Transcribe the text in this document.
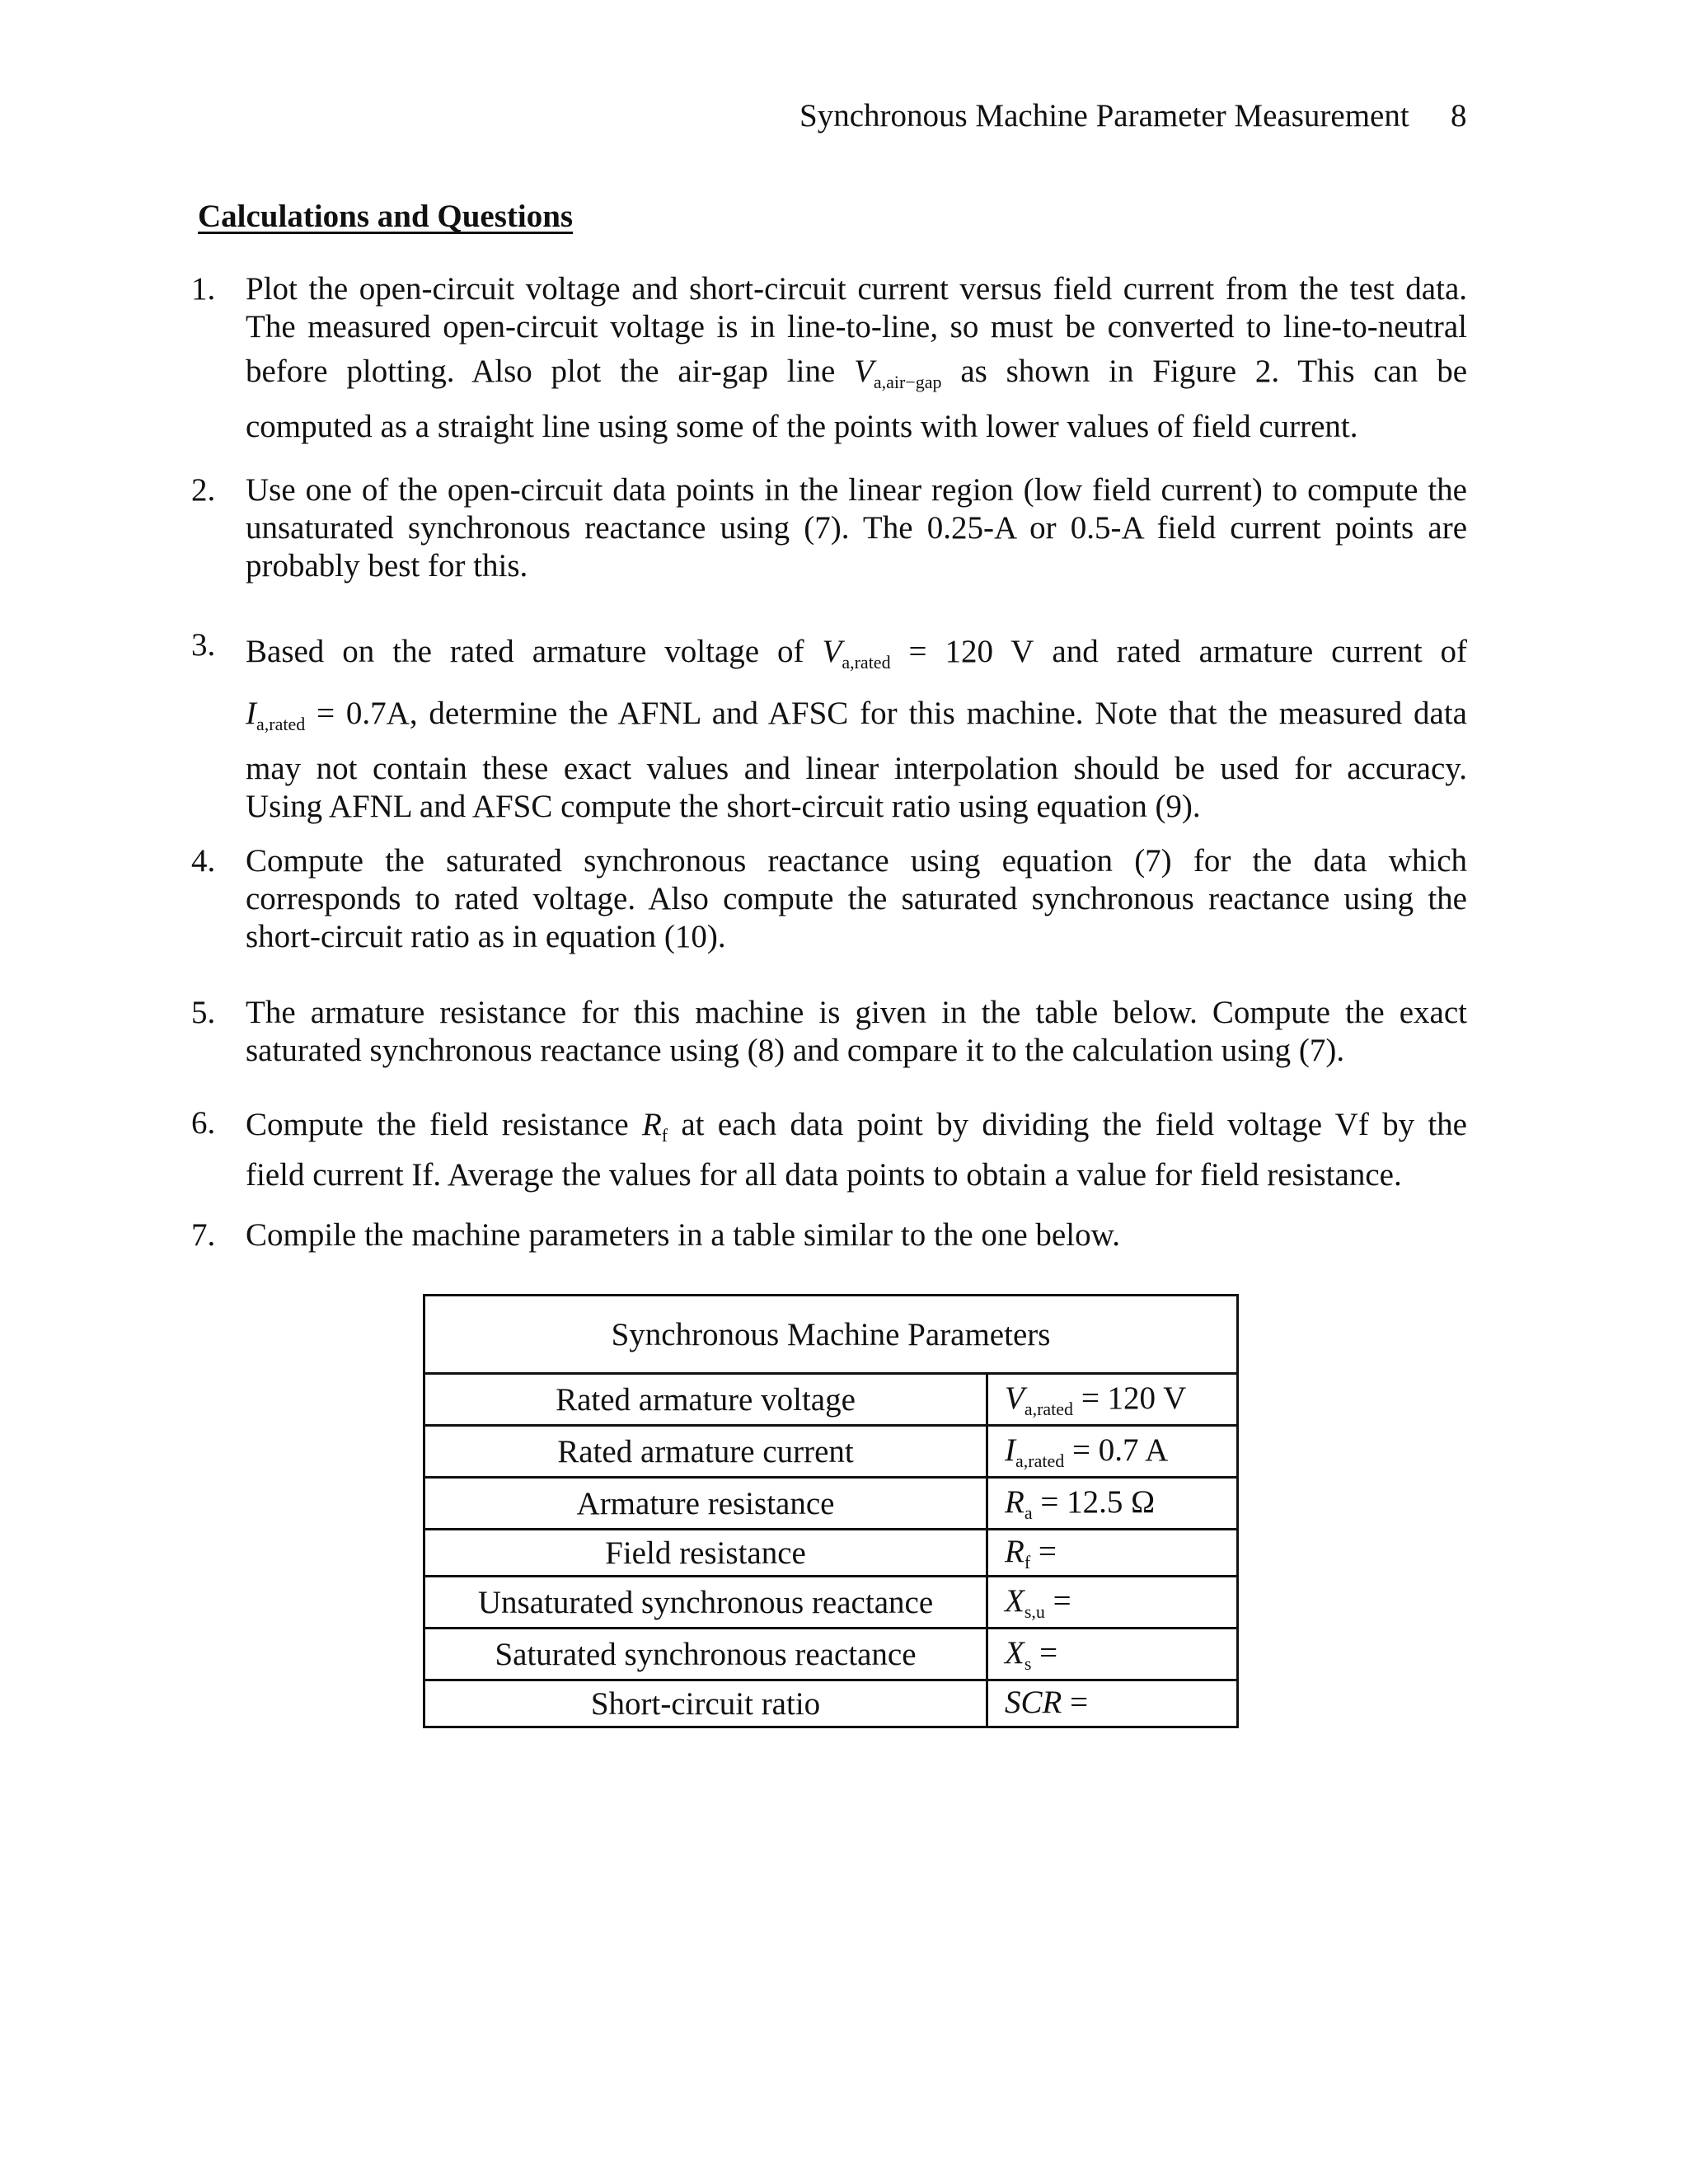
Synchronous Machine Parameter Measurement 8
Calculations and Questions
1. Plot the open-circuit voltage and short-circuit current versus field current from the test data.

The measured open-circuit voltage is in line-to-line, so must be converted to line-to-neutral

before plotting. Also plot the air-gap line $V_{a,air-gap}$ as shown in Figure 2. This can be

computed as a straight line using some of the points with lower values of field current.

2. Use one of the open-circuit data points in the linear region (low field current) to compute the

unsaturated synchronous reactance using (7). The 0.25-A or 0.5-A field current points are

probably best for this.

3. Based on the rated armature voltage of $V_{a,rated} = 120$ V and rated armature current of

$I_{a,rated} = 0.7A$, determine the AFNL and AFSC for this machine. Note that the measured data

may not contain these exact values and linear interpolation should be used for accuracy.

Using AFNL and AFSC compute the short-circuit ratio using equation (9).

4. Compute the saturated synchronous reactance using equation (7) for the data which

corresponds to rated voltage. Also compute the saturated synchronous reactance using the

short-circuit ratio as in equation (10).

5. The armature resistance for this machine is given in the table below. Compute the exact

saturated synchronous reactance using (8) and compare it to the calculation using (7).

6. Compute the field resistance $R_f$ at each data point by dividing the field voltage Vf by the

field current If. Average the values for all data points to obtain a value for field resistance.

7. Compile the machine parameters in a table similar to the one below.

Synchronous Machine Parameters	
Rated armature voltage	$V_{a,rated} = 120$ V
Rated armature current	$I_{a,rated} = 0.7$ A
Armature resistance	$R_a = 12.5$ Ω
Field resistance	$R_f$ =
Unsaturated synchronous reactance	$X_{s,u}$ =
Saturated synchronous reactance	$X_s$ =
Short-circuit ratio	SCR =
